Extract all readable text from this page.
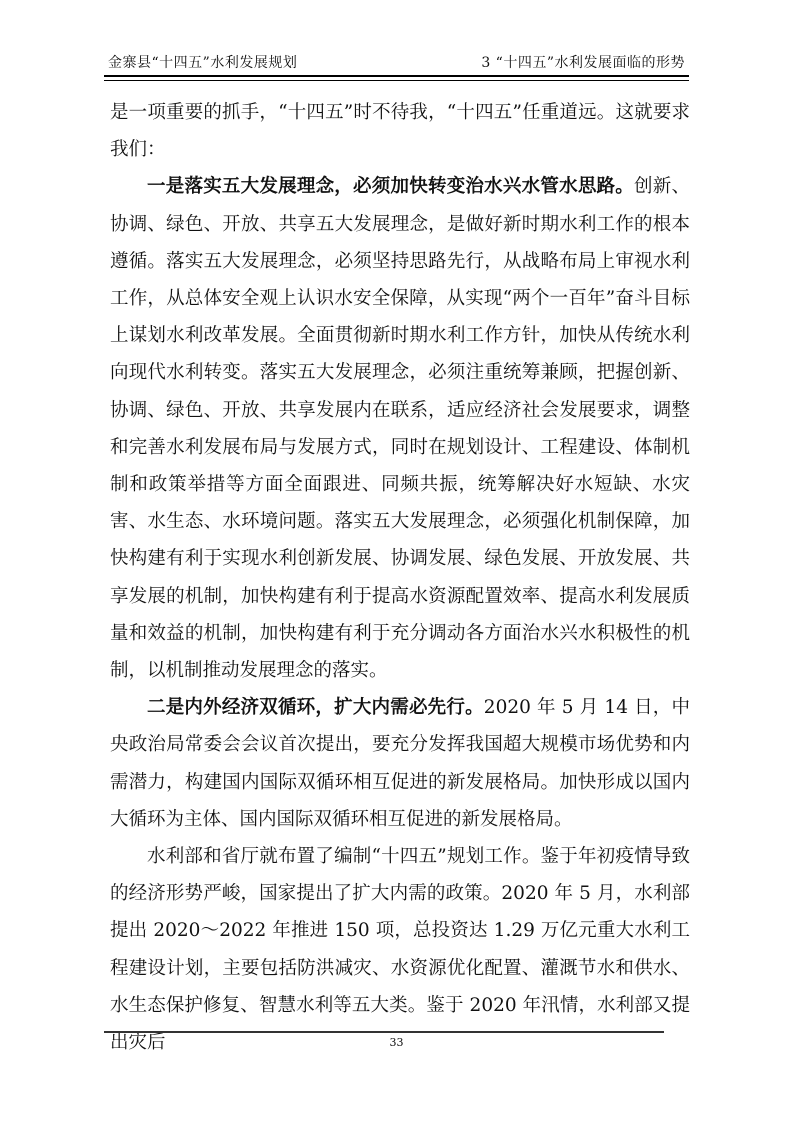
金寨县“十四五”水利发展规划	3 “十四五”水利发展面临的形势

是一项重要的抓手，“十四五”时不待我，“十四五”任重道远。这就要求我们：

一是落实五大发展理念，必须加快转变治水兴水管水思路。创新、协调、绿色、开放、共享五大发展理念，是做好新时期水利工作的根本遵循。落实五大发展理念，必须坚持思路先行，从战略布局上审视水利工作，从总体安全观上认识水安全保障，从实现“两个一百年”奋斗目标上谋划水利改革发展。全面贯彻新时期水利工作方针，加快从传统水利向现代水利转变。落实五大发展理念，必须注重统筹兼顾，把握创新、协调、绿色、开放、共享发展内在联系，适应经济社会发展要求，调整和完善水利发展布局与发展方式，同时在规划设计、工程建设、体制机制和政策举措等方面全面跟进、同频共振，统筹解决好水短缺、水灾害、水生态、水环境问题。落实五大发展理念，必须强化机制保障，加快构建有利于实现水利创新发展、协调发展、绿色发展、开放发展、共享发展的机制，加快构建有利于提高水资源配置效率、提高水利发展质量和效益的机制，加快构建有利于充分调动各方面治水兴水积极性的机制，以机制推动发展理念的落实。

二是内外经济双循环，扩大内需必先行。2020 年 5 月 14 日，中央政治局常委会会议首次提出，要充分发挥我国超大规模市场优势和内需潜力，构建国内国际双循环相互促进的新发展格局。加快形成以国内大循环为主体、国内国际双循环相互促进的新发展格局。

水利部和省厅就布置了编制“十四五”规划工作。鉴于年初疫情导致的经济形势严峻，国家提出了扩大内需的政策。2020 年 5 月，水利部提出 2020～2022 年推进 150 项，总投资达 1.29 万亿元重大水利工程建设计划，主要包括防洪减灾、水资源优化配置、灌溉节水和供水、水生态保护修复、智慧水利等五大类。鉴于 2020 年汛情，水利部又提出灾后	33
